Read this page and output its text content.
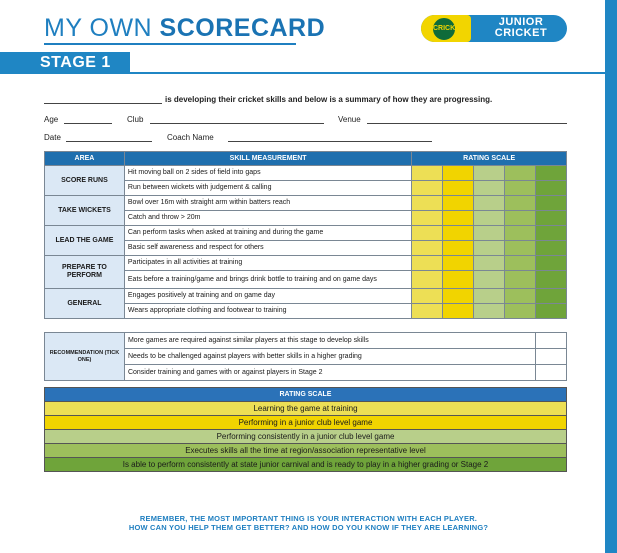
MY OWN SCORECARD	CRICKET
JUNIOR
CRICKET
STAGE 1
is developing their cricket skills and below is a summary of how they are progressing.
Age	Club	Venue
Date	Coach Name
AREA	SKILL MEASUREMENT	RATING SCALE				
SCORE RUNS	Hit moving ball on 2 sides of field into gaps					
	Run between wickets with judgement & calling					
TAKE WICKETS	Bowl over 16m with straight arm within batters reach					
	Catch and throw > 20m					
LEAD THE GAME	Can perform tasks when asked at training and during the game					
	Basic self awareness and respect for others					
PREPARE TO PERFORM	Participates in all activities at training					
	Eats before a training/game and brings drink bottle to training and on game days					
GENERAL	Engages positively at training and on game day					
	Wears appropriate clothing and footwear to training					
RECOMMENDATION (TICK ONE)	More games are required against similar players at this stage to develop skills	
	Needs to be challenged against players with better skills in a higher grading	
	Consider training and games with or against players in Stage 2	
RATING SCALE
Learning the game at training
Performing in a junior club level game
Performing consistently in a junior club level game
Executes skills all the time at region/association representative level
Is able to perform consistently at state junior carnival and is ready to play in a higher grading or Stage 2
REMEMBER, THE MOST IMPORTANT THING IS YOUR INTERACTION WITH EACH PLAYER.
HOW CAN YOU HELP THEM GET BETTER? AND HOW DO YOU KNOW IF THEY ARE LEARNING?
